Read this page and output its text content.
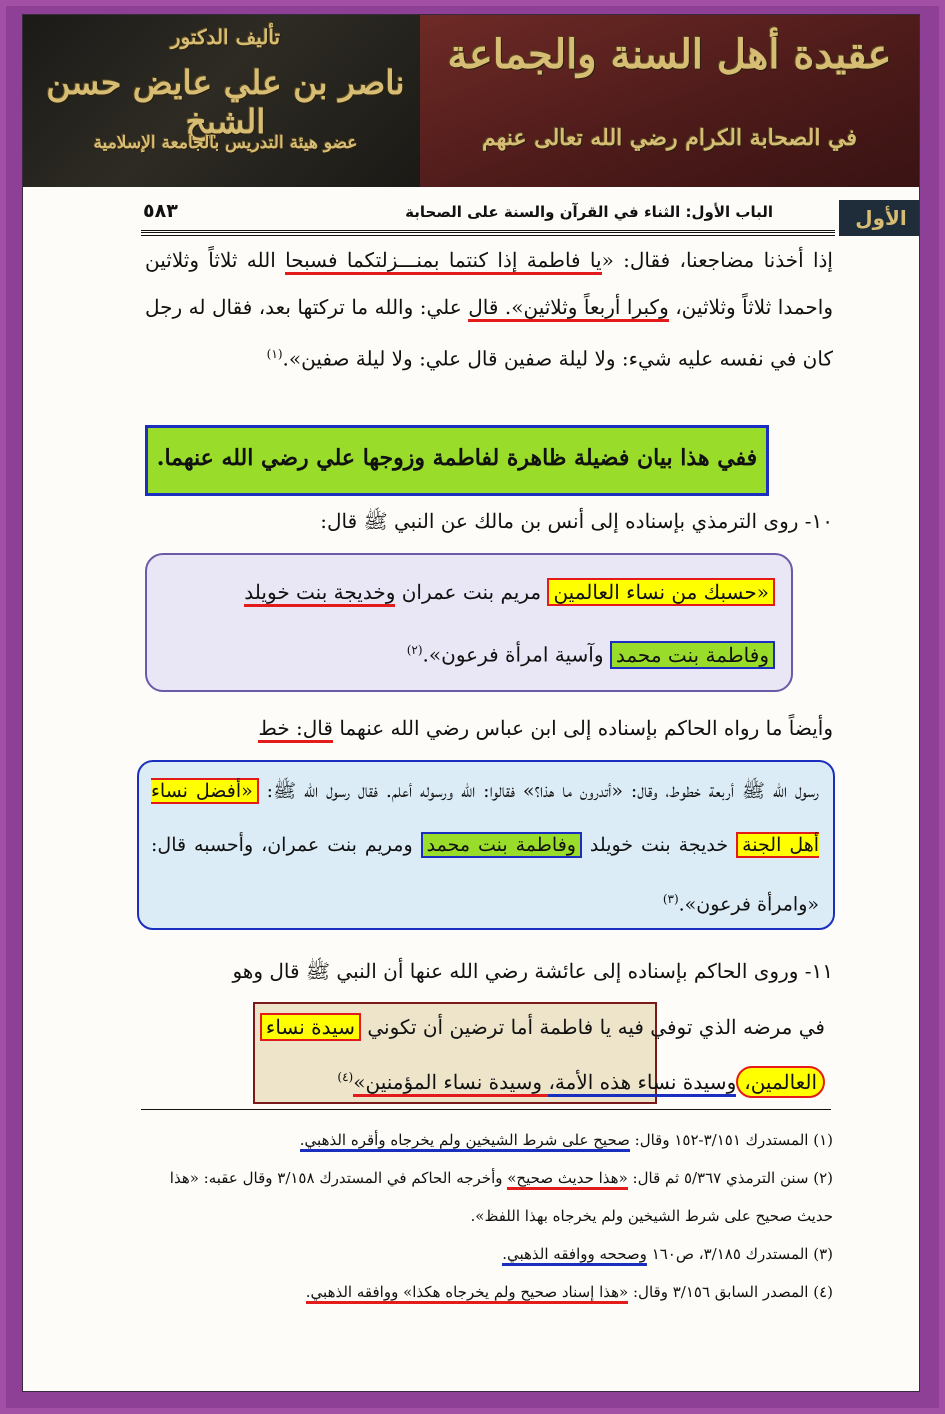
تأليف الدكتور
ناصر بن علي عايض حسن الشيخ
عضو هيئة التدريس بالجامعة الإسلامية
عقيدة أهل السنة والجماعة
في الصحابة الكرام رضي الله تعالى عنهم
الأول
الباب الأول: الثناء في القرآن والسنة على الصحابة
٥٨٣

إذا أخذنا مضاجعنا، فقال: «يا فاطمة إذا كنتما بمنـــزلتكما فسبحا الله ثلاثاً وثلاثين واحمدا ثلاثاً وثلاثين، وكبرا أربعاً وثلاثين». قال علي: والله ما تركتها بعد، فقال له رجل كان في نفسه عليه شيء: ولا ليلة صفين قال علي: ولا ليلة صفين».$^{(١)}$

ففي هذا بيان فضيلة ظاهرة لفاطمة وزوجها علي رضي الله عنهما.

١٠- روى الترمذي بإسناده إلى أنس بن مالك عن النبي ﷺ قال:

«حسبك من نساء العالمين مريم بنت عمران وخديجة بنت خويلد
وفاطمة بنت محمد وآسية امرأة فرعون».$^{(٢)}$

وأيضاً ما رواه الحاكم بإسناده إلى ابن عباس رضي الله عنهما قال: خط

رسول الله ﷺ أربعة خطوط، وقال: «أتدرون ما هذا؟» فقالوا: الله ورسوله أعلم. فقال رسول الله ﷺ: «أفضل نساء أهل الجنة خديجة بنت خويلد وفاطمة بنت محمد ومريم بنت عمران، وأحسبه قال: «وامرأة فرعون».$^{(٣)}$

١١- وروى الحاكم بإسناده إلى عائشة رضي الله عنها أن النبي ﷺ قال وهو

في مرضه الذي توفي فيه يا فاطمة أما ترضين أن تكوني سيدة نساء
العالمين،وسيدة نساء هذه الأمة، وسيدة نساء المؤمنين»$^{(٤)}$

(١) المستدرك ٣/١٥١-١٥٢ وقال: صحيح على شرط الشيخين ولم يخرجاه وأقره الذهبي.

(٢) سنن الترمذي ٥/٣٦٧ ثم قال: «هذا حديث صحيح» وأخرجه الحاكم في المستدرك ٣/١٥٨ وقال عقبه: «هذا حديث صحيح على شرط الشيخين ولم يخرجاه بهذا اللفظ».

(٣) المستدرك ٣/١٨٥، ص١٦٠ وصححه ووافقه الذهبي.

(٤) المصدر السابق ٣/١٥٦ وقال: «هذا إسناد صحيح ولم يخرجاه هكذا» ووافقه الذهبي.
